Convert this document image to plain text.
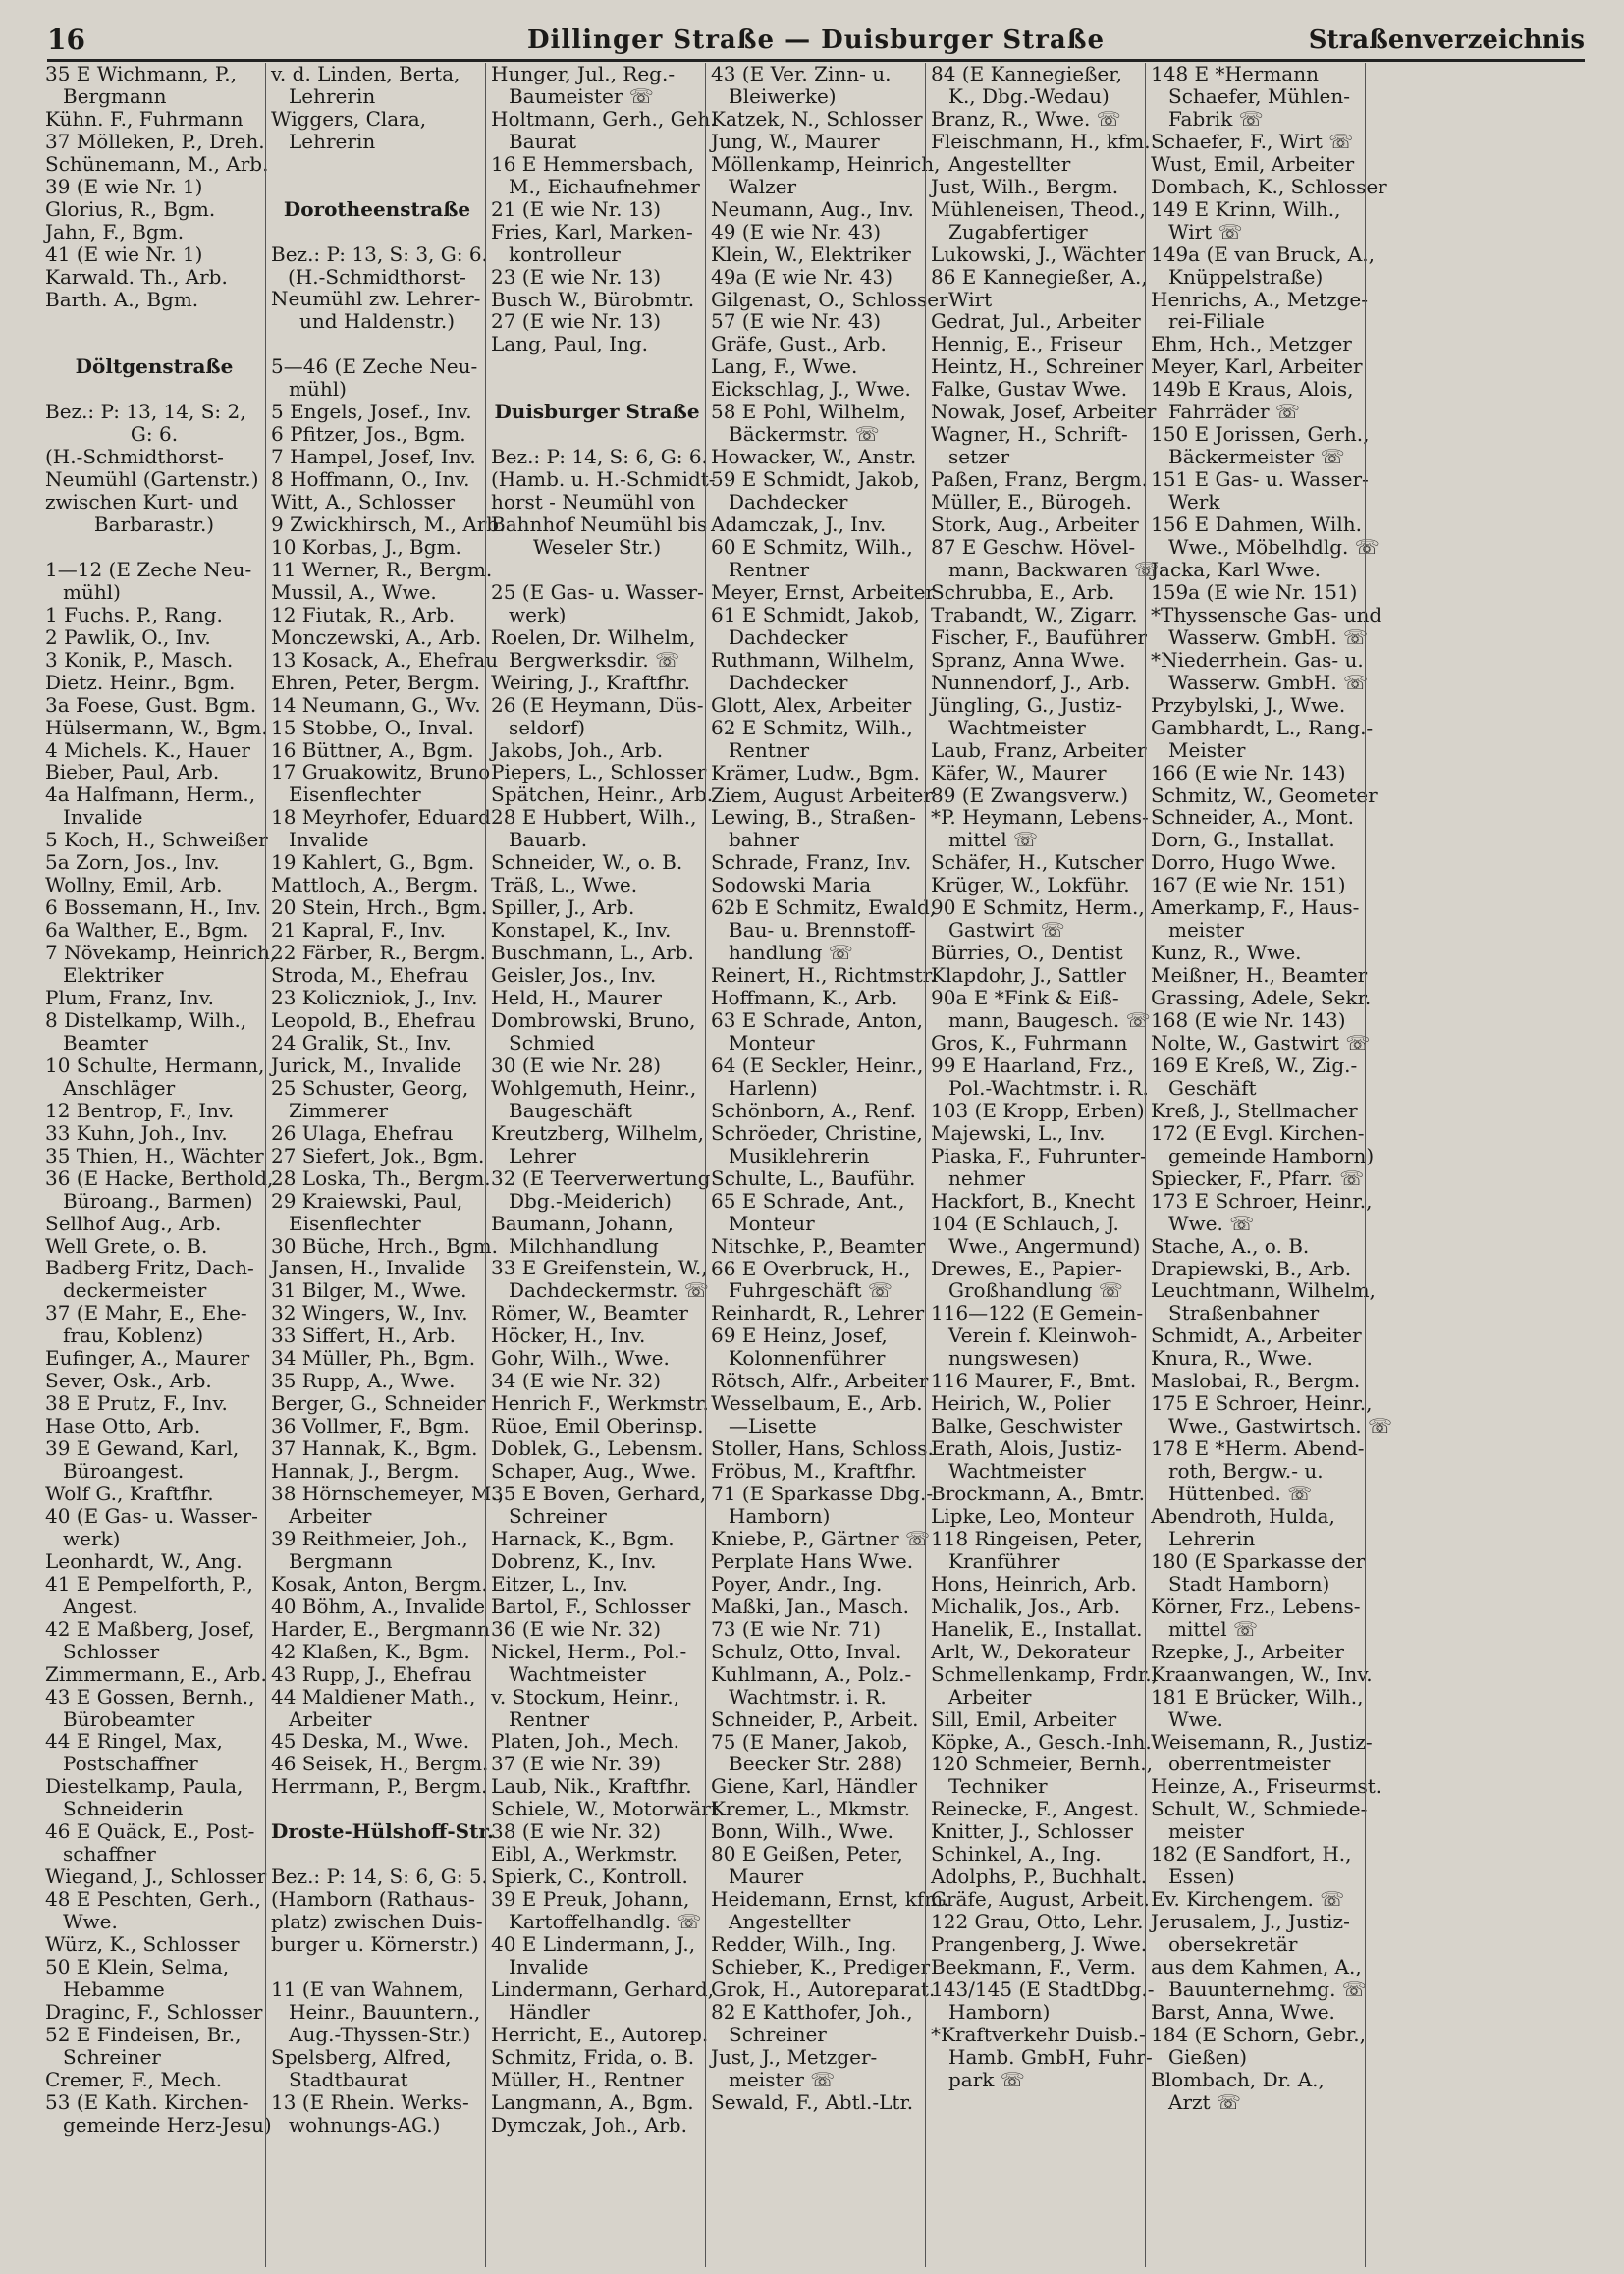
16	Dillinger Straße — Duisburger Straße	Straßenverzeichnis
35 E Wichmann, P.,
Bergmann
Kühn. F., Fuhrmann
37 Mölleken, P., Dreh.
Schünemann, M., Arb.
39 (E wie Nr. 1)
Glorius, R., Bgm.
Jahn, F., Bgm.
41 (E wie Nr. 1)
Karwald. Th., Arb.
Barth. A., Bgm.
Döltgenstraße
Bez.: P: 13, 14, S: 2,
G: 6.
(H.-Schmidthorst-
Neumühl (Gartenstr.)
zwischen Kurt- und
Barbarastr.)
1—12 (E Zeche Neu-
mühl)
1 Fuchs. P., Rang.
2 Pawlik, O., Inv.
3 Konik, P., Masch.
Dietz. Heinr., Bgm.
3a Foese, Gust. Bgm.
Hülsermann, W., Bgm.
4 Michels. K., Hauer
Bieber, Paul, Arb.
4a Halfmann, Herm.,
Invalide
5 Koch, H., Schweißer
5a Zorn, Jos., Inv.
Wollny, Emil, Arb.
6 Bossemann, H., Inv.
6a Walther, E., Bgm.
7 Növekamp, Heinrich,
Elektriker
Plum, Franz, Inv.
8 Distelkamp, Wilh.,
Beamter
10 Schulte, Hermann,
Anschläger
12 Bentrop, F., Inv.
33 Kuhn, Joh., Inv.
35 Thien, H., Wächter
36 (E Hacke, Berthold,
Büroang., Barmen)
Sellhof Aug., Arb.
Well Grete, o. B.
Badberg Fritz, Dach-
deckermeister
37 (E Mahr, E., Ehe-
frau, Koblenz)
Eufinger, A., Maurer
Sever, Osk., Arb.
38 E Prutz, F., Inv.
Hase Otto, Arb.
39 E Gewand, Karl,
Büroangest.
Wolf G., Kraftfhr.
40 (E Gas- u. Wasser-
werk)
Leonhardt, W., Ang.
41 E Pempelforth, P.,
Angest.
42 E Maßberg, Josef,
Schlosser
Zimmermann, E., Arb.
43 E Gossen, Bernh.,
Bürobeamter
44 E Ringel, Max,
Postschaffner
Diestelkamp, Paula,
Schneiderin
46 E Quäck, E., Post-
schaffner
Wiegand, J., Schlosser
48 E Peschten, Gerh.,
Wwe.
Würz, K., Schlosser
50 E Klein, Selma,
Hebamme
Draginc, F., Schlosser
52 E Findeisen, Br.,
Schreiner
Cremer, F., Mech.
53 (E Kath. Kirchen-
gemeinde Herz-Jesu)
v. d. Linden, Berta,
Lehrerin
Wiggers, Clara,
Lehrerin
Dorotheenstraße
Bez.: P: 13, S: 3, G: 6.
(H.-Schmidthorst-
Neumühl zw. Lehrer-
und Haldenstr.)
5—46 (E Zeche Neu-
mühl)
5 Engels, Josef., Inv.
6 Pfitzer, Jos., Bgm.
7 Hampel, Josef, Inv.
8 Hoffmann, O., Inv.
Witt, A., Schlosser
9 Zwickhirsch, M., Arb.
10 Korbas, J., Bgm.
11 Werner, R., Bergm.
Mussil, A., Wwe.
12 Fiutak, R., Arb.
Monczewski, A., Arb.
13 Kosack, A., Ehefrau
Ehren, Peter, Bergm.
14 Neumann, G., Wv.
15 Stobbe, O., Inval.
16 Büttner, A., Bgm.
17 Gruakowitz, Bruno
Eisenflechter
18 Meyrhofer, Eduard
Invalide
19 Kahlert, G., Bgm.
Mattloch, A., Bergm.
20 Stein, Hrch., Bgm.
21 Kapral, F., Inv.
22 Färber, R., Bergm.
Stroda, M., Ehefrau
23 Koliczniok, J., Inv.
Leopold, B., Ehefrau
24 Gralik, St., Inv.
Jurick, M., Invalide
25 Schuster, Georg,
Zimmerer
26 Ulaga, Ehefrau
27 Siefert, Jok., Bgm.
28 Loska, Th., Bergm.
29 Kraiewski, Paul,
Eisenflechter
30 Büche, Hrch., Bgm.
Jansen, H., Invalide
31 Bilger, M., Wwe.
32 Wingers, W., Inv.
33 Siffert, H., Arb.
34 Müller, Ph., Bgm.
35 Rupp, A., Wwe.
Berger, G., Schneider
36 Vollmer, F., Bgm.
37 Hannak, K., Bgm.
Hannak, J., Bergm.
38 Hörnschemeyer, M.,
Arbeiter
39 Reithmeier, Joh.,
Bergmann
Kosak, Anton, Bergm.
40 Böhm, A., Invalide
Harder, E., Bergmann
42 Klaßen, K., Bgm.
43 Rupp, J., Ehefrau
44 Maldiener Math.,
Arbeiter
45 Deska, M., Wwe.
46 Seisek, H., Bergm.
Herrmann, P., Bergm.
Droste-Hülshoff-Str.
Bez.: P: 14, S: 6, G: 5.
(Hamborn (Rathaus-
platz) zwischen Duis-
burger u. Körnerstr.)
11 (E van Wahnem,
Heinr., Bauuntern.,
Aug.-Thyssen-Str.)
Spelsberg, Alfred,
Stadtbaurat
13 (E Rhein. Werks-
wohnungs-AG.)
Hunger, Jul., Reg.-
Baumeister ☏
Holtmann, Gerh., Geh.
Baurat
16 E Hemmersbach,
M., Eichaufnehmer
21 (E wie Nr. 13)
Fries, Karl, Marken-
kontrolleur
23 (E wie Nr. 13)
Busch W., Bürobmtr.
27 (E wie Nr. 13)
Lang, Paul, Ing.
Duisburger Straße
Bez.: P: 14, S: 6, G: 6.
(Hamb. u. H.-Schmidt-
horst - Neumühl von
Bahnhof Neumühl bis
Weseler Str.)
25 (E Gas- u. Wasser-
werk)
Roelen, Dr. Wilhelm,
Bergwerksdir. ☏
Weiring, J., Kraftfhr.
26 (E Heymann, Düs-
seldorf)
Jakobs, Joh., Arb.
Piepers, L., Schlosser
Spätchen, Heinr., Arb.
28 E Hubbert, Wilh.,
Bauarb.
Schneider, W., o. B.
Träß, L., Wwe.
Spiller, J., Arb.
Konstapel, K., Inv.
Buschmann, L., Arb.
Geisler, Jos., Inv.
Held, H., Maurer
Dombrowski, Bruno,
Schmied
30 (E wie Nr. 28)
Wohlgemuth, Heinr.,
Baugeschäft
Kreutzberg, Wilhelm,
Lehrer
32 (E Teerverwertung
Dbg.-Meiderich)
Baumann, Johann,
Milchhandlung
33 E Greifenstein, W.,
Dachdeckermstr. ☏
Römer, W., Beamter
Höcker, H., Inv.
Gohr, Wilh., Wwe.
34 (E wie Nr. 32)
Henrich F., Werkmstr.
Rüoe, Emil Oberinsp.
Doblek, G., Lebensm.
Schaper, Aug., Wwe.
35 E Boven, Gerhard,
Schreiner
Harnack, K., Bgm.
Dobrenz, K., Inv.
Eitzer, L., Inv.
Bartol, F., Schlosser
36 (E wie Nr. 32)
Nickel, Herm., Pol.-
Wachtmeister
v. Stockum, Heinr.,
Rentner
Platen, Joh., Mech.
37 (E wie Nr. 39)
Laub, Nik., Kraftfhr.
Schiele, W., Motorwärt.
38 (E wie Nr. 32)
Eibl, A., Werkmstr.
Spierk, C., Kontroll.
39 E Preuk, Johann,
Kartoffelhandlg. ☏
40 E Lindermann, J.,
Invalide
Lindermann, Gerhard,
Händler
Herricht, E., Autorep.
Schmitz, Frida, o. B.
Müller, H., Rentner
Langmann, A., Bgm.
Dymczak, Joh., Arb.
43 (E Ver. Zinn- u.
Bleiwerke)
Katzek, N., Schlosser
Jung, W., Maurer
Möllenkamp, Heinrich,
Walzer
Neumann, Aug., Inv.
49 (E wie Nr. 43)
Klein, W., Elektriker
49a (E wie Nr. 43)
Gilgenast, O., Schlosser
57 (E wie Nr. 43)
Gräfe, Gust., Arb.
Lang, F., Wwe.
Eickschlag, J., Wwe.
58 E Pohl, Wilhelm,
Bäckermstr. ☏
Howacker, W., Anstr.
59 E Schmidt, Jakob,
Dachdecker
Adamczak, J., Inv.
60 E Schmitz, Wilh.,
Rentner
Meyer, Ernst, Arbeiter
61 E Schmidt, Jakob,
Dachdecker
Ruthmann, Wilhelm,
Dachdecker
Glott, Alex, Arbeiter
62 E Schmitz, Wilh.,
Rentner
Krämer, Ludw., Bgm.
Ziem, August Arbeiter
Lewing, B., Straßen-
bahner
Schrade, Franz, Inv.
Sodowski Maria
62b E Schmitz, Ewald,
Bau- u. Brennstoff-
handlung ☏
Reinert, H., Richtmstr.
Hoffmann, K., Arb.
63 E Schrade, Anton,
Monteur
64 (E Seckler, Heinr.,
Harlenn)
Schönborn, A., Renf.
Schröeder, Christine,
Musiklehrerin
Schulte, L., Bauführ.
65 E Schrade, Ant.,
Monteur
Nitschke, P., Beamter
66 E Overbruck, H.,
Fuhrgeschäft ☏
Reinhardt, R., Lehrer
69 E Heinz, Josef,
Kolonnenführer
Rötsch, Alfr., Arbeiter
Wesselbaum, E., Arb.
—Lisette
Stoller, Hans, Schloss.
Fröbus, M., Kraftfhr.
71 (E Sparkasse Dbg.-
Hamborn)
Kniebe, P., Gärtner ☏
Perplate Hans Wwe.
Poyer, Andr., Ing.
Maßki, Jan., Masch.
73 (E wie Nr. 71)
Schulz, Otto, Inval.
Kuhlmann, A., Polz.-
Wachtmstr. i. R.
Schneider, P., Arbeit.
75 (E Maner, Jakob,
Beecker Str. 288)
Giene, Karl, Händler
Kremer, L., Mkmstr.
Bonn, Wilh., Wwe.
80 E Geißen, Peter,
Maurer
Heidemann, Ernst, kfm.
Angestellter
Redder, Wilh., Ing.
Schieber, K., Prediger
Grok, H., Autoreparat.
82 E Katthofer, Joh.,
Schreiner
Just, J., Metzger-
meister ☏
Sewald, F., Abtl.-Ltr.
84 (E Kannegießer,
K., Dbg.-Wedau)
Branz, R., Wwe. ☏
Fleischmann, H., kfm.
Angestellter
Just, Wilh., Bergm.
Mühleneisen, Theod.,
Zugabfertiger
Lukowski, J., Wächter
86 E Kannegießer, A.,
Wirt
Gedrat, Jul., Arbeiter
Hennig, E., Friseur
Heintz, H., Schreiner
Falke, Gustav Wwe.
Nowak, Josef, Arbeiter
Wagner, H., Schrift-
setzer
Paßen, Franz, Bergm.
Müller, E., Bürogeh.
Stork, Aug., Arbeiter
87 E Geschw. Hövel-
mann, Backwaren ☏
Schrubba, E., Arb.
Trabandt, W., Zigarr.
Fischer, F., Bauführer
Spranz, Anna Wwe.
Nunnendorf, J., Arb.
Jüngling, G., Justiz-
Wachtmeister
Laub, Franz, Arbeiter
Käfer, W., Maurer
89 (E Zwangsverw.)
*P. Heymann, Lebens-
mittel ☏
Schäfer, H., Kutscher
Krüger, W., Lokführ.
90 E Schmitz, Herm.,
Gastwirt ☏
Bürries, O., Dentist
Klapdohr, J., Sattler
90a E *Fink & Eiß-
mann, Baugesch. ☏
Gros, K., Fuhrmann
99 E Haarland, Frz.,
Pol.-Wachtmstr. i. R.
103 (E Kropp, Erben)
Majewski, L., Inv.
Piaska, F., Fuhrunter-
nehmer
Hackfort, B., Knecht
104 (E Schlauch, J.
Wwe., Angermund)
Drewes, E., Papier-
Großhandlung ☏
116—122 (E Gemein-
Verein f. Kleinwoh-
nungswesen)
116 Maurer, F., Bmt.
Heirich, W., Polier
Balke, Geschwister
Erath, Alois, Justiz-
Wachtmeister
Brockmann, A., Bmtr.
Lipke, Leo, Monteur
118 Ringeisen, Peter,
Kranführer
Hons, Heinrich, Arb.
Michalik, Jos., Arb.
Hanelik, E., Installat.
Arlt, W., Dekorateur
Schmellenkamp, Frdr.,
Arbeiter
Sill, Emil, Arbeiter
Köpke, A., Gesch.-Inh.
120 Schmeier, Bernh.,
Techniker
Reinecke, F., Angest.
Knitter, J., Schlosser
Schinkel, A., Ing.
Adolphs, P., Buchhalt.
Gräfe, August, Arbeit.
122 Grau, Otto, Lehr.
Prangenberg, J. Wwe.
Beekmann, F., Verm.
143/145 (E StadtDbg.-
Hamborn)
*Kraftverkehr Duisb.-
Hamb. GmbH, Fuhr-
park ☏
148 E *Hermann
Schaefer, Mühlen-
Fabrik ☏
Schaefer, F., Wirt ☏
Wust, Emil, Arbeiter
Dombach, K., Schlosser
149 E Krinn, Wilh.,
Wirt ☏
149a (E van Bruck, A.,
Knüppelstraße)
Henrichs, A., Metzge-
rei-Filiale
Ehm, Hch., Metzger
Meyer, Karl, Arbeiter
149b E Kraus, Alois,
Fahrräder ☏
150 E Jorissen, Gerh.,
Bäckermeister ☏
151 E Gas- u. Wasser-
Werk
156 E Dahmen, Wilh.
Wwe., Möbelhdlg. ☏
Jacka, Karl Wwe.
159a (E wie Nr. 151)
*Thyssensche Gas- und
Wasserw. GmbH. ☏
*Niederrhein. Gas- u.
Wasserw. GmbH. ☏
Przybylski, J., Wwe.
Gambhardt, L., Rang.-
Meister
166 (E wie Nr. 143)
Schmitz, W., Geometer
Schneider, A., Mont.
Dorn, G., Installat.
Dorro, Hugo Wwe.
167 (E wie Nr. 151)
Amerkamp, F., Haus-
meister
Kunz, R., Wwe.
Meißner, H., Beamter
Grassing, Adele, Sekr.
168 (E wie Nr. 143)
Nolte, W., Gastwirt ☏
169 E Kreß, W., Zig.-
Geschäft
Kreß, J., Stellmacher
172 (E Evgl. Kirchen-
gemeinde Hamborn)
Spiecker, F., Pfarr. ☏
173 E Schroer, Heinr.,
Wwe. ☏
Stache, A., o. B.
Drapiewski, B., Arb.
Leuchtmann, Wilhelm,
Straßenbahner
Schmidt, A., Arbeiter
Knura, R., Wwe.
Maslobai, R., Bergm.
175 E Schroer, Heinr.,
Wwe., Gastwirtsch. ☏
178 E *Herm. Abend-
roth, Bergw.- u.
Hüttenbed. ☏
Abendroth, Hulda,
Lehrerin
180 (E Sparkasse der
Stadt Hamborn)
Körner, Frz., Lebens-
mittel ☏
Rzepke, J., Arbeiter
Kraanwangen, W., Inv.
181 E Brücker, Wilh.,
Wwe.
Weisemann, R., Justiz-
oberrentmeister
Heinze, A., Friseurmst.
Schult, W., Schmiede-
meister
182 (E Sandfort, H.,
Essen)
Ev. Kirchengem. ☏
Jerusalem, J., Justiz-
obersekretär
aus dem Kahmen, A.,
Bauunternehmg. ☏
Barst, Anna, Wwe.
184 (E Schorn, Gebr.,
Gießen)
Blombach, Dr. A.,
Arzt ☏
